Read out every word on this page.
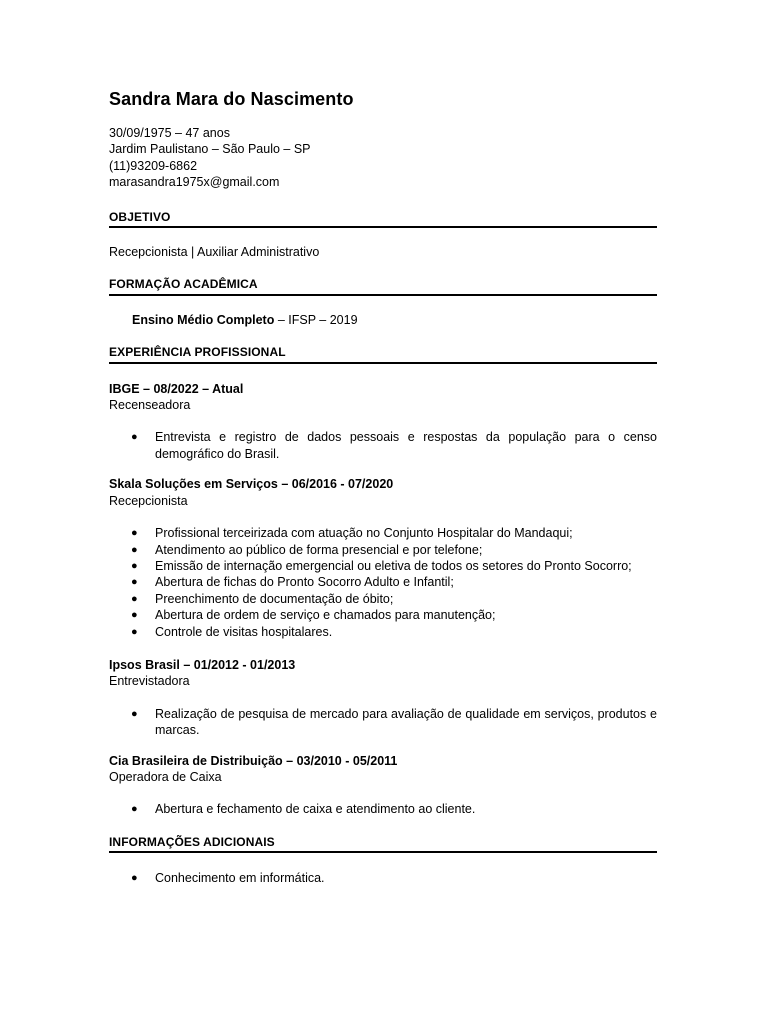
Sandra Mara do Nascimento
30/09/1975 – 47 anos
Jardim Paulistano – São Paulo – SP
(11)93209-6862
marasandra1975x@gmail.com
OBJETIVO
Recepcionista | Auxiliar Administrativo
FORMAÇÃO ACADÊMICA
Ensino Médio Completo – IFSP – 2019
EXPERIÊNCIA PROFISSIONAL
IBGE – 08/2022 – Atual
Recenseadora
● Entrevista e registro de dados pessoais e respostas da população para o censo demográfico do Brasil.
Skala Soluções em Serviços – 06/2016 - 07/2020
Recepcionista
● Profissional terceirizada com atuação no Conjunto Hospitalar do Mandaqui;
● Atendimento ao público de forma presencial e por telefone;
● Emissão de internação emergencial ou eletiva de todos os setores do Pronto Socorro;
● Abertura de fichas do Pronto Socorro Adulto e Infantil;
● Preenchimento de documentação de óbito;
● Abertura de ordem de serviço e chamados para manutenção;
● Controle de visitas hospitalares.
Ipsos Brasil – 01/2012 - 01/2013
Entrevistadora
● Realização de pesquisa de mercado para avaliação de qualidade em serviços, produtos e marcas.
Cia Brasileira de Distribuição – 03/2010 - 05/2011
Operadora de Caixa
● Abertura e fechamento de caixa e atendimento ao cliente.
INFORMAÇÕES ADICIONAIS
● Conhecimento em informática.
